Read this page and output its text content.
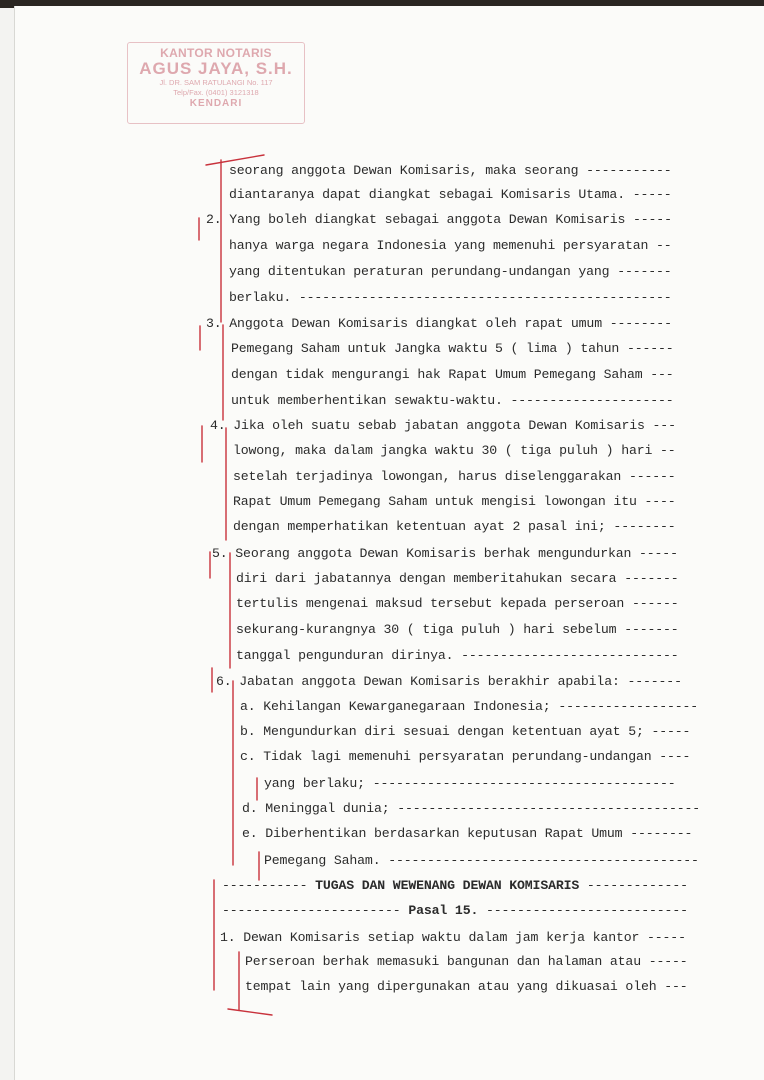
KANTOR NOTARIS
AGUS JAYA, S.H.
Jl. DR. SAM RATULANGI No. 117
Telp/Fax. (0401) 3121318
KENDARI
seorang anggota Dewan Komisaris, maka seorang -----------
diantaranya dapat diangkat sebagai Komisaris Utama. -----
2. Yang boleh diangkat sebagai anggota Dewan Komisaris -----
hanya warga negara Indonesia yang memenuhi persyaratan --
yang ditentukan peraturan perundang-undangan yang -------
berlaku. ------------------------------------------------
3. Anggota Dewan Komisaris diangkat oleh rapat umum --------
Pemegang Saham untuk Jangka waktu 5 ( lima ) tahun ------
dengan tidak mengurangi hak Rapat Umum Pemegang Saham ---
untuk memberhentikan sewaktu-waktu. ---------------------
4. Jika oleh suatu sebab jabatan anggota Dewan Komisaris ---
lowong, maka dalam jangka waktu 30 ( tiga puluh ) hari --
setelah terjadinya lowongan, harus diselenggarakan ------
Rapat Umum Pemegang Saham untuk mengisi lowongan itu ----
dengan memperhatikan ketentuan ayat 2 pasal ini; --------
5. Seorang anggota Dewan Komisaris berhak mengundurkan -----
diri dari jabatannya dengan memberitahukan secara -------
tertulis mengenai maksud tersebut kepada perseroan ------
sekurang-kurangnya 30 ( tiga puluh ) hari sebelum -------
tanggal pengunduran dirinya. ----------------------------
6. Jabatan anggota Dewan Komisaris berakhir apabila: -------
a. Kehilangan Kewarganegaraan Indonesia; ------------------
b. Mengundurkan diri sesuai dengan ketentuan ayat 5; -----
c. Tidak lagi memenuhi persyaratan perundang-undangan ----
yang berlaku; ---------------------------------------
d. Meninggal dunia; ---------------------------------------
e. Diberhentikan berdasarkan keputusan Rapat Umum --------
Pemegang Saham. ----------------------------------------
----------- TUGAS DAN WEWENANG DEWAN KOMISARIS -------------
----------------------- Pasal 15. --------------------------
1. Dewan Komisaris setiap waktu dalam jam kerja kantor -----
Perseroan berhak memasuki bangunan dan halaman atau -----
tempat lain yang dipergunakan atau yang dikuasai oleh ---
